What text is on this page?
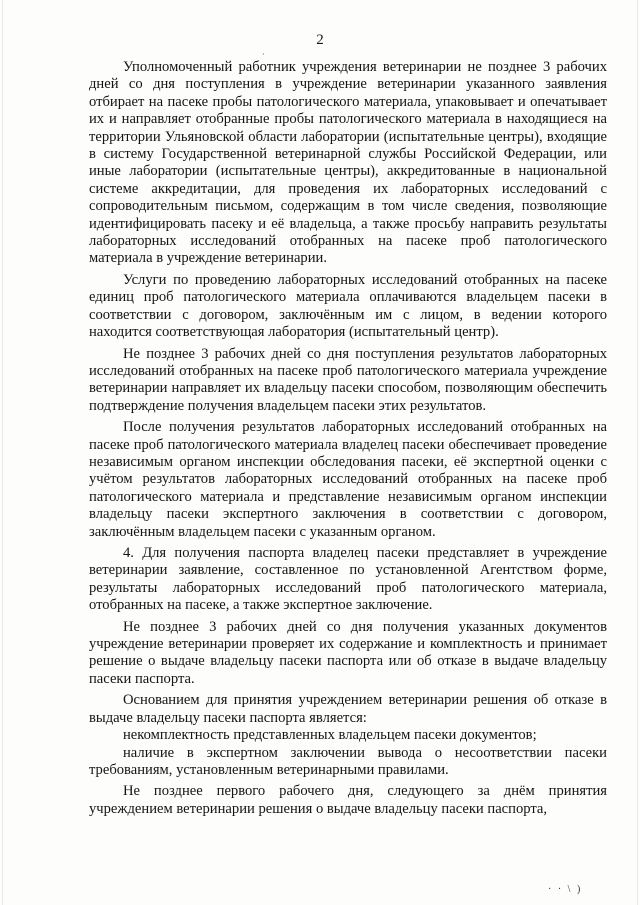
2

Уполномоченный работник учреждения ветеринарии не позднее 3 рабочих дней со дня поступления в учреждение ветеринарии указанного заявления отбирает на пасеке пробы патологического материала, упаковывает и опечатывает их и направляет отобранные пробы патологического материала в находящиеся на территории Ульяновской области лаборатории (испытательные центры), входящие в систему Государственной ветеринарной службы Российской Федерации, или иные лаборатории (испытательные центры), аккредитованные в национальной системе аккредитации, для проведения их лабораторных исследований с сопроводительным письмом, содержащим в том числе сведения, позволяющие идентифицировать пасеку и её владельца, а также просьбу направить результаты лабораторных исследований отобранных на пасеке проб патологического материала в учреждение ветеринарии.

Услуги по проведению лабораторных исследований отобранных на пасеке единиц проб патологического материала оплачиваются владельцем пасеки в соответствии с договором, заключённым им с лицом, в ведении которого находится соответствующая лаборатория (испытательный центр).

Не позднее 3 рабочих дней со дня поступления результатов лабораторных исследований отобранных на пасеке проб патологического материала учреждение ветеринарии направляет их владельцу пасеки способом, позволяющим обеспечить подтверждение получения владельцем пасеки этих результатов.

После получения результатов лабораторных исследований отобранных на пасеке проб патологического материала владелец пасеки обеспечивает проведение независимым органом инспекции обследования пасеки, её экспертной оценки с учётом результатов лабораторных исследований отобранных на пасеке проб патологического материала и представление независимым органом инспекции владельцу пасеки экспертного заключения в соответствии с договором, заключённым владельцем пасеки с указанным органом.

4. Для получения паспорта владелец пасеки представляет в учреждение ветеринарии заявление, составленное по установленной Агентством форме, результаты лабораторных исследований проб патологического материала, отобранных на пасеке, а также экспертное заключение.

Не позднее 3 рабочих дней со дня получения указанных документов учреждение ветеринарии проверяет их содержание и комплектность и принимает решение о выдаче владельцу пасеки паспорта или об отказе в выдаче владельцу пасеки паспорта.

Основанием для принятия учреждением ветеринарии решения об отказе в выдаче владельцу пасеки паспорта является:

некомплектность представленных владельцем пасеки документов;

наличие в экспертном заключении вывода о несоответствии пасеки требованиям, установленным ветеринарными правилами.

Не позднее первого рабочего дня, следующего за днём принятия учреждением ветеринарии решения о выдаче владельцу пасеки паспорта,

·
· · \ )
